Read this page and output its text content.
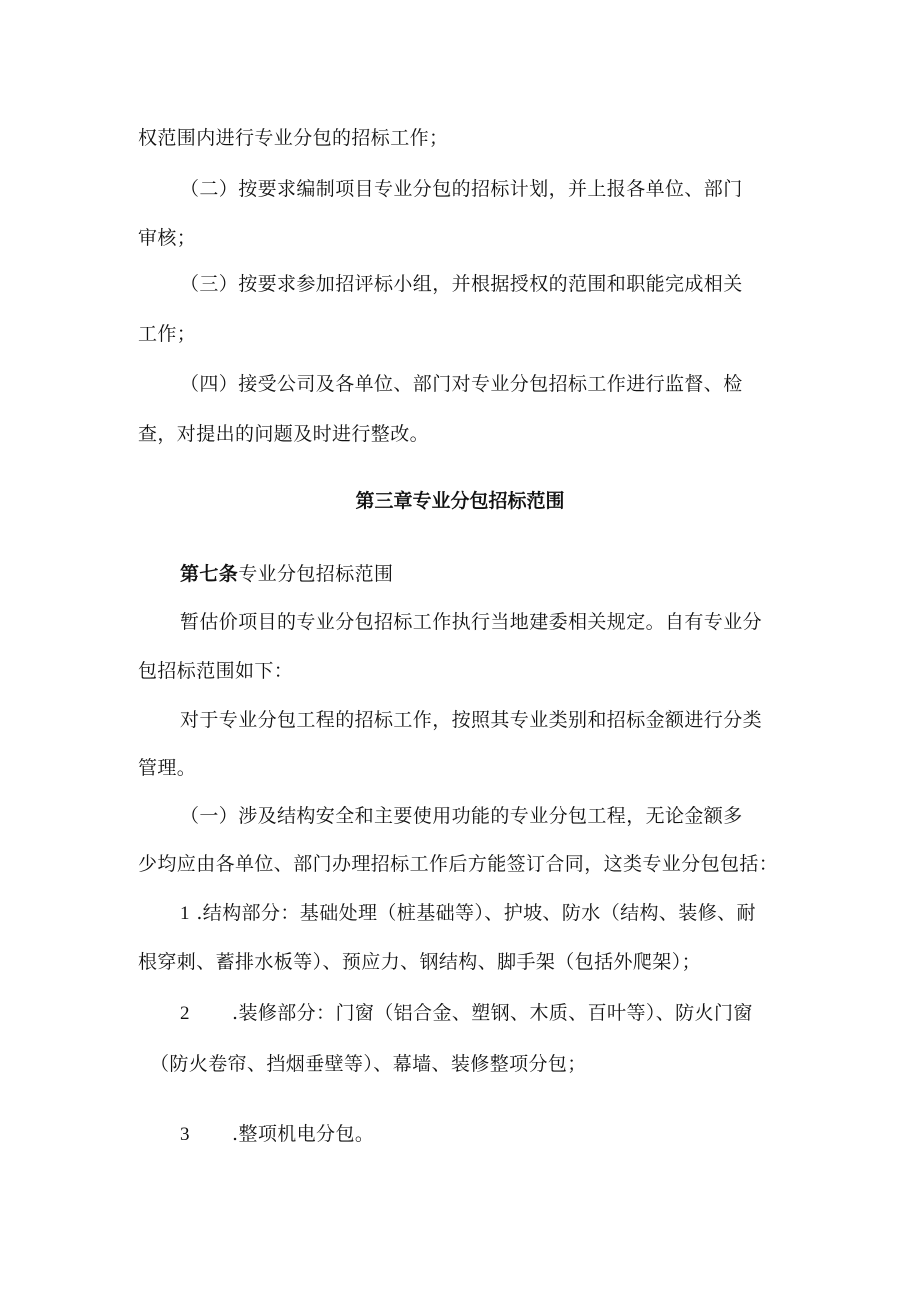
权范围内进行专业分包的招标工作；
（二）按要求编制项目专业分包的招标计划，并上报各单位、部门
审核；
（三）按要求参加招评标小组，并根据授权的范围和职能完成相关
工作；
（四）接受公司及各单位、部门对专业分包招标工作进行监督、检
查，对提出的问题及时进行整改。
第三章专业分包招标范围
第七条专业分包招标范围
暂估价项目的专业分包招标工作执行当地建委相关规定。自有专业分
包招标范围如下：
对于专业分包工程的招标工作，按照其专业类别和招标金额进行分类
管理。
（一）涉及结构安全和主要使用功能的专业分包工程，无论金额多
少均应由各单位、部门办理招标工作后方能签订合同，这类专业分包包括：
1 .结构部分：基础处理（桩基础等）、护坡、防水（结构、装修、耐
根穿刺、蓄排水板等）、预应力、钢结构、脚手架（包括外爬架）；
2 .装修部分：门窗（铝合金、塑钢、木质、百叶等）、防火门窗
（防火卷帘、挡烟垂壁等）、幕墙、装修整项分包；
3 .整项机电分包。
